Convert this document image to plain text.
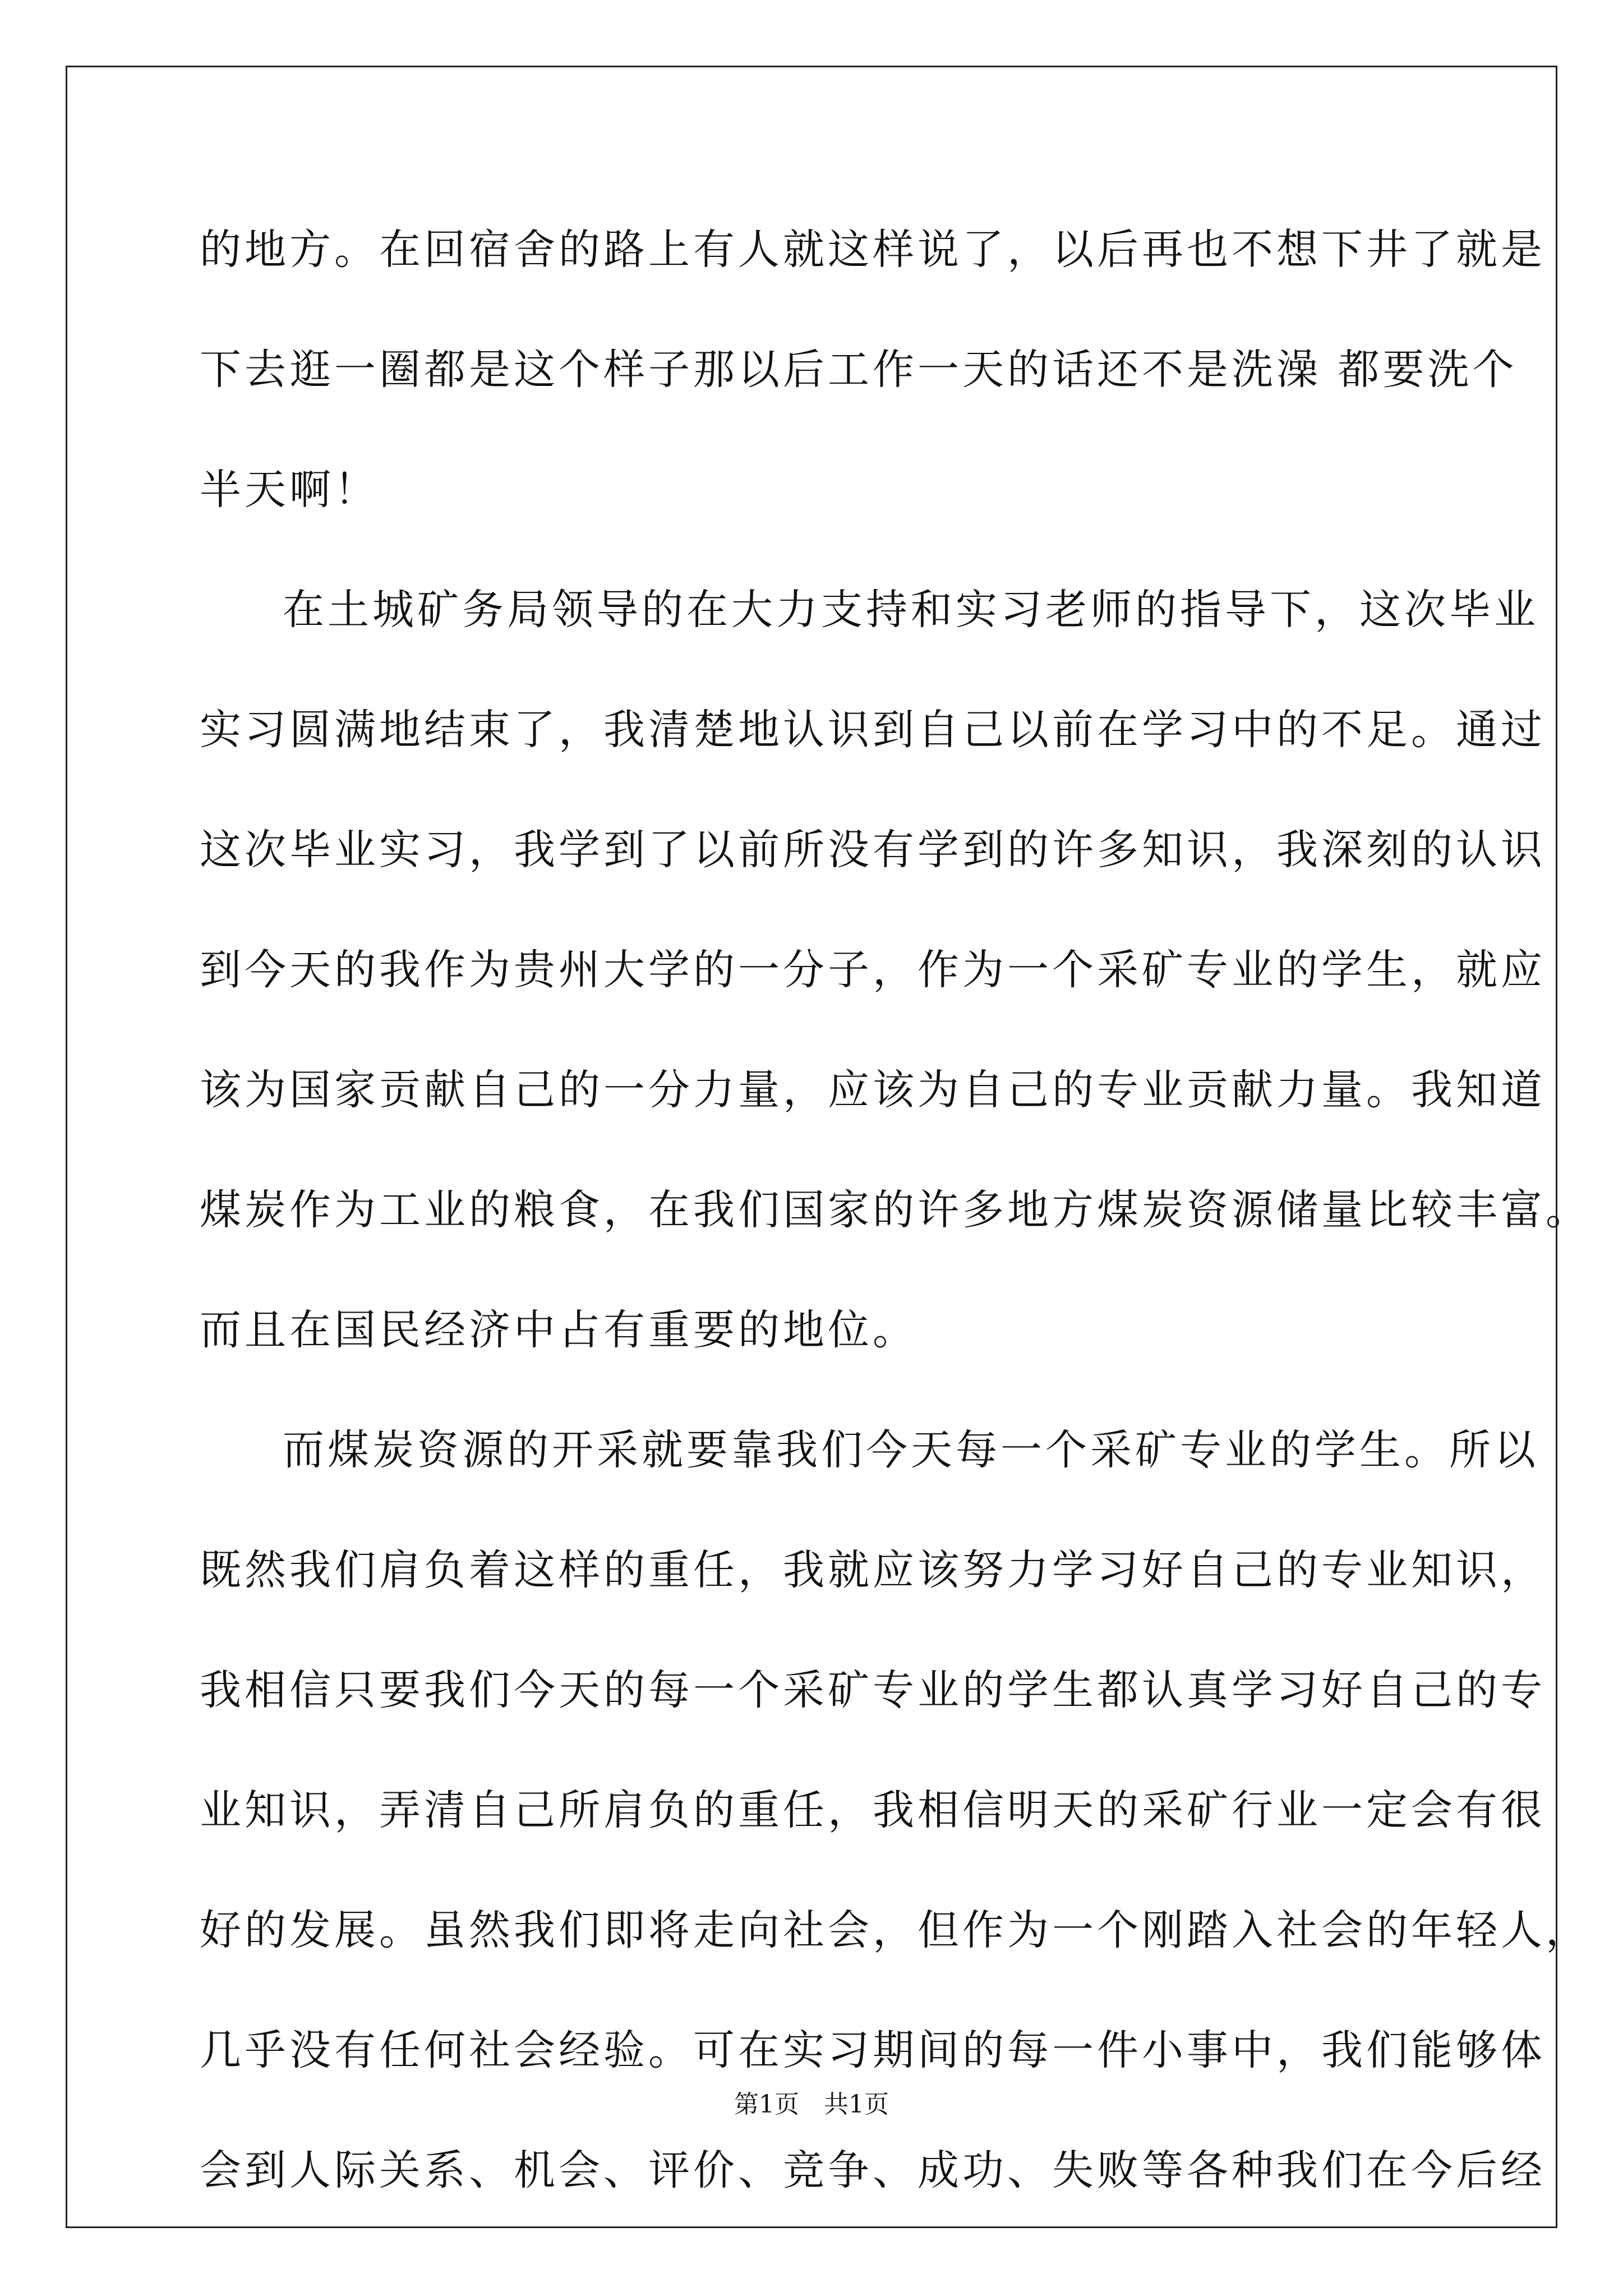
的地方。在回宿舍的路上有人就这样说了，以后再也不想下井了就是
下去逛一圈都是这个样子那以后工作一天的话还不是洗澡 都要洗个
半天啊！
在土城矿务局领导的在大力支持和实习老师的指导下，这次毕业
实习圆满地结束了，我清楚地认识到自己以前在学习中的不足。通过
这次毕业实习，我学到了以前所没有学到的许多知识，我深刻的认识
到今天的我作为贵州大学的一分子，作为一个采矿专业的学生，就应
该为国家贡献自己的一分力量，应该为自己的专业贡献力量。我知道
煤炭作为工业的粮食，在我们国家的许多地方煤炭资源储量比较丰富。
而且在国民经济中占有重要的地位。
而煤炭资源的开采就要靠我们今天每一个采矿专业的学生。所以
既然我们肩负着这样的重任，我就应该努力学习好自己的专业知识，
我相信只要我们今天的每一个采矿专业的学生都认真学习好自己的专
业知识，弄清自己所肩负的重任，我相信明天的采矿行业一定会有很
好的发展。虽然我们即将走向社会，但作为一个刚踏入社会的年轻人，
几乎没有任何社会经验。可在实习期间的每一件小事中，我们能够体
会到人际关系、机会、评价、竞争、成功、失败等各种我们在今后经
第1页　共1页
